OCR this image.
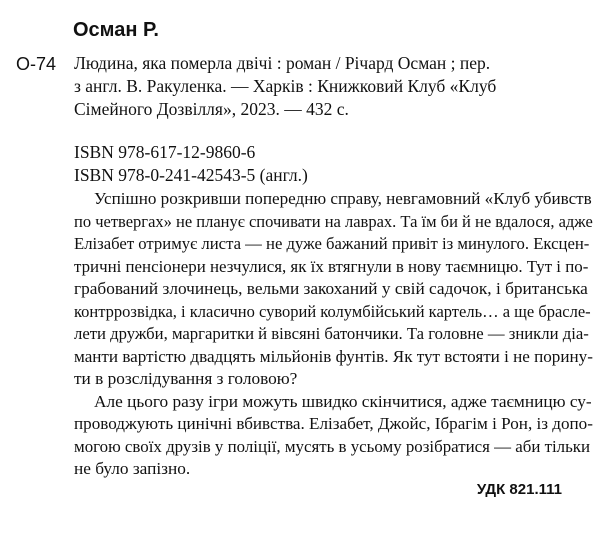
Осман Р.
О-74 Людина, яка померла двічі : роман / Річард Осман ; пер.
з англ. В. Ракуленка. — Харків : Книжковий Клуб «Клуб
Сімейного Дозвілля», 2023. — 432 с.
ISBN 978-617-12-9860-6
ISBN 978-0-241-42543-5 (англ.)
Успішно розкривши попередню справу, невгамовний «Клуб убивств
по четвергах» не планує спочивати на лаврах. Та їм би й не вдалося, адже
Елізабет отримує листа — не дуже бажаний привіт із минулого. Ексцен-
тричні пенсіонери незчулися, як їх втягнули в нову таємницю. Тут і по-
грабований злочинець, вельми закоханий у свій садочок, і британська
контррозвідка, і класично суворий колумбійський картель… а ще брасле-
лети дружби, маргаритки й вівсяні батончики. Та головне — зникли діа-
манти вартістю двадцять мільйонів фунтів. Як тут встояти і не порину-
ти в розслідування з головою?
Але цього разу ігри можуть швидко скінчитися, адже таємницю су-
проводжують цинічні вбивства. Елізабет, Джойс, Ібрагім і Рон, із допо-
могою своїх друзів у поліції, мусять в усьому розібратися — аби тільки
не було запізно.
УДК 821.111
